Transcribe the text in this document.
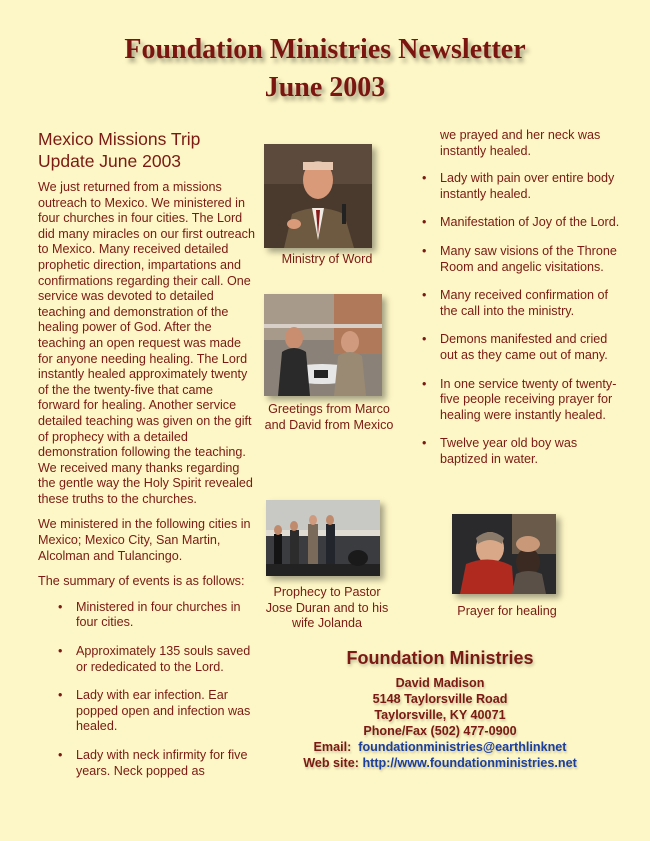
Foundation Ministries Newsletter
June 2003
Mexico Missions Trip
Update June 2003

We just returned from a missions outreach to Mexico. We ministered in four churches in four cities. The Lord did many miracles on our first outreach to Mexico. Many received detailed prophetic direction, impartations and confirmations regarding their call. One service was devoted to detailed teaching and demonstration of the healing power of God. After the teaching an open request was made for anyone needing healing. The Lord instantly healed approximately twenty of the the twenty-five that came forward for healing. Another service detailed teaching was given on the gift of prophecy with a detailed demonstration following the teaching. We received many thanks regarding the gentle way the Holy Spirit revealed these truths to the churches.

We ministered in the following cities in Mexico; Mexico City, San Martin, Alcolman and Tulancingo.

The summary of events is as follows:

• Ministered in four churches in four cities.
• Approximately 135 souls saved or rededicated to the Lord.
• Lady with ear infection. Ear popped open and infection was healed.
• Lady with neck infirmity for five years. Neck popped as
we prayed and her neck was instantly healed.
• Lady with pain over entire body instantly healed.
• Manifestation of Joy of the Lord.
• Many saw visions of the Throne Room and angelic visitations.
• Many received confirmation of the call into the ministry.
• Demons manifested and cried out as they came out of many.
• In one service twenty of twenty-five people receiving prayer for healing were instantly healed.
• Twelve year old boy was baptized in water.
Ministry of Word
Greetings from Marco and David from Mexico
Prophecy to Pastor Jose Duran and to his wife Jolanda
Prayer for healing
Foundation Ministries
David Madison
5148 Taylorsville Road
Taylorsville, KY 40071
Phone/Fax (502) 477-0900
Email: foundationministries@earthlinknet
Web site: http://www.foundationministries.net
